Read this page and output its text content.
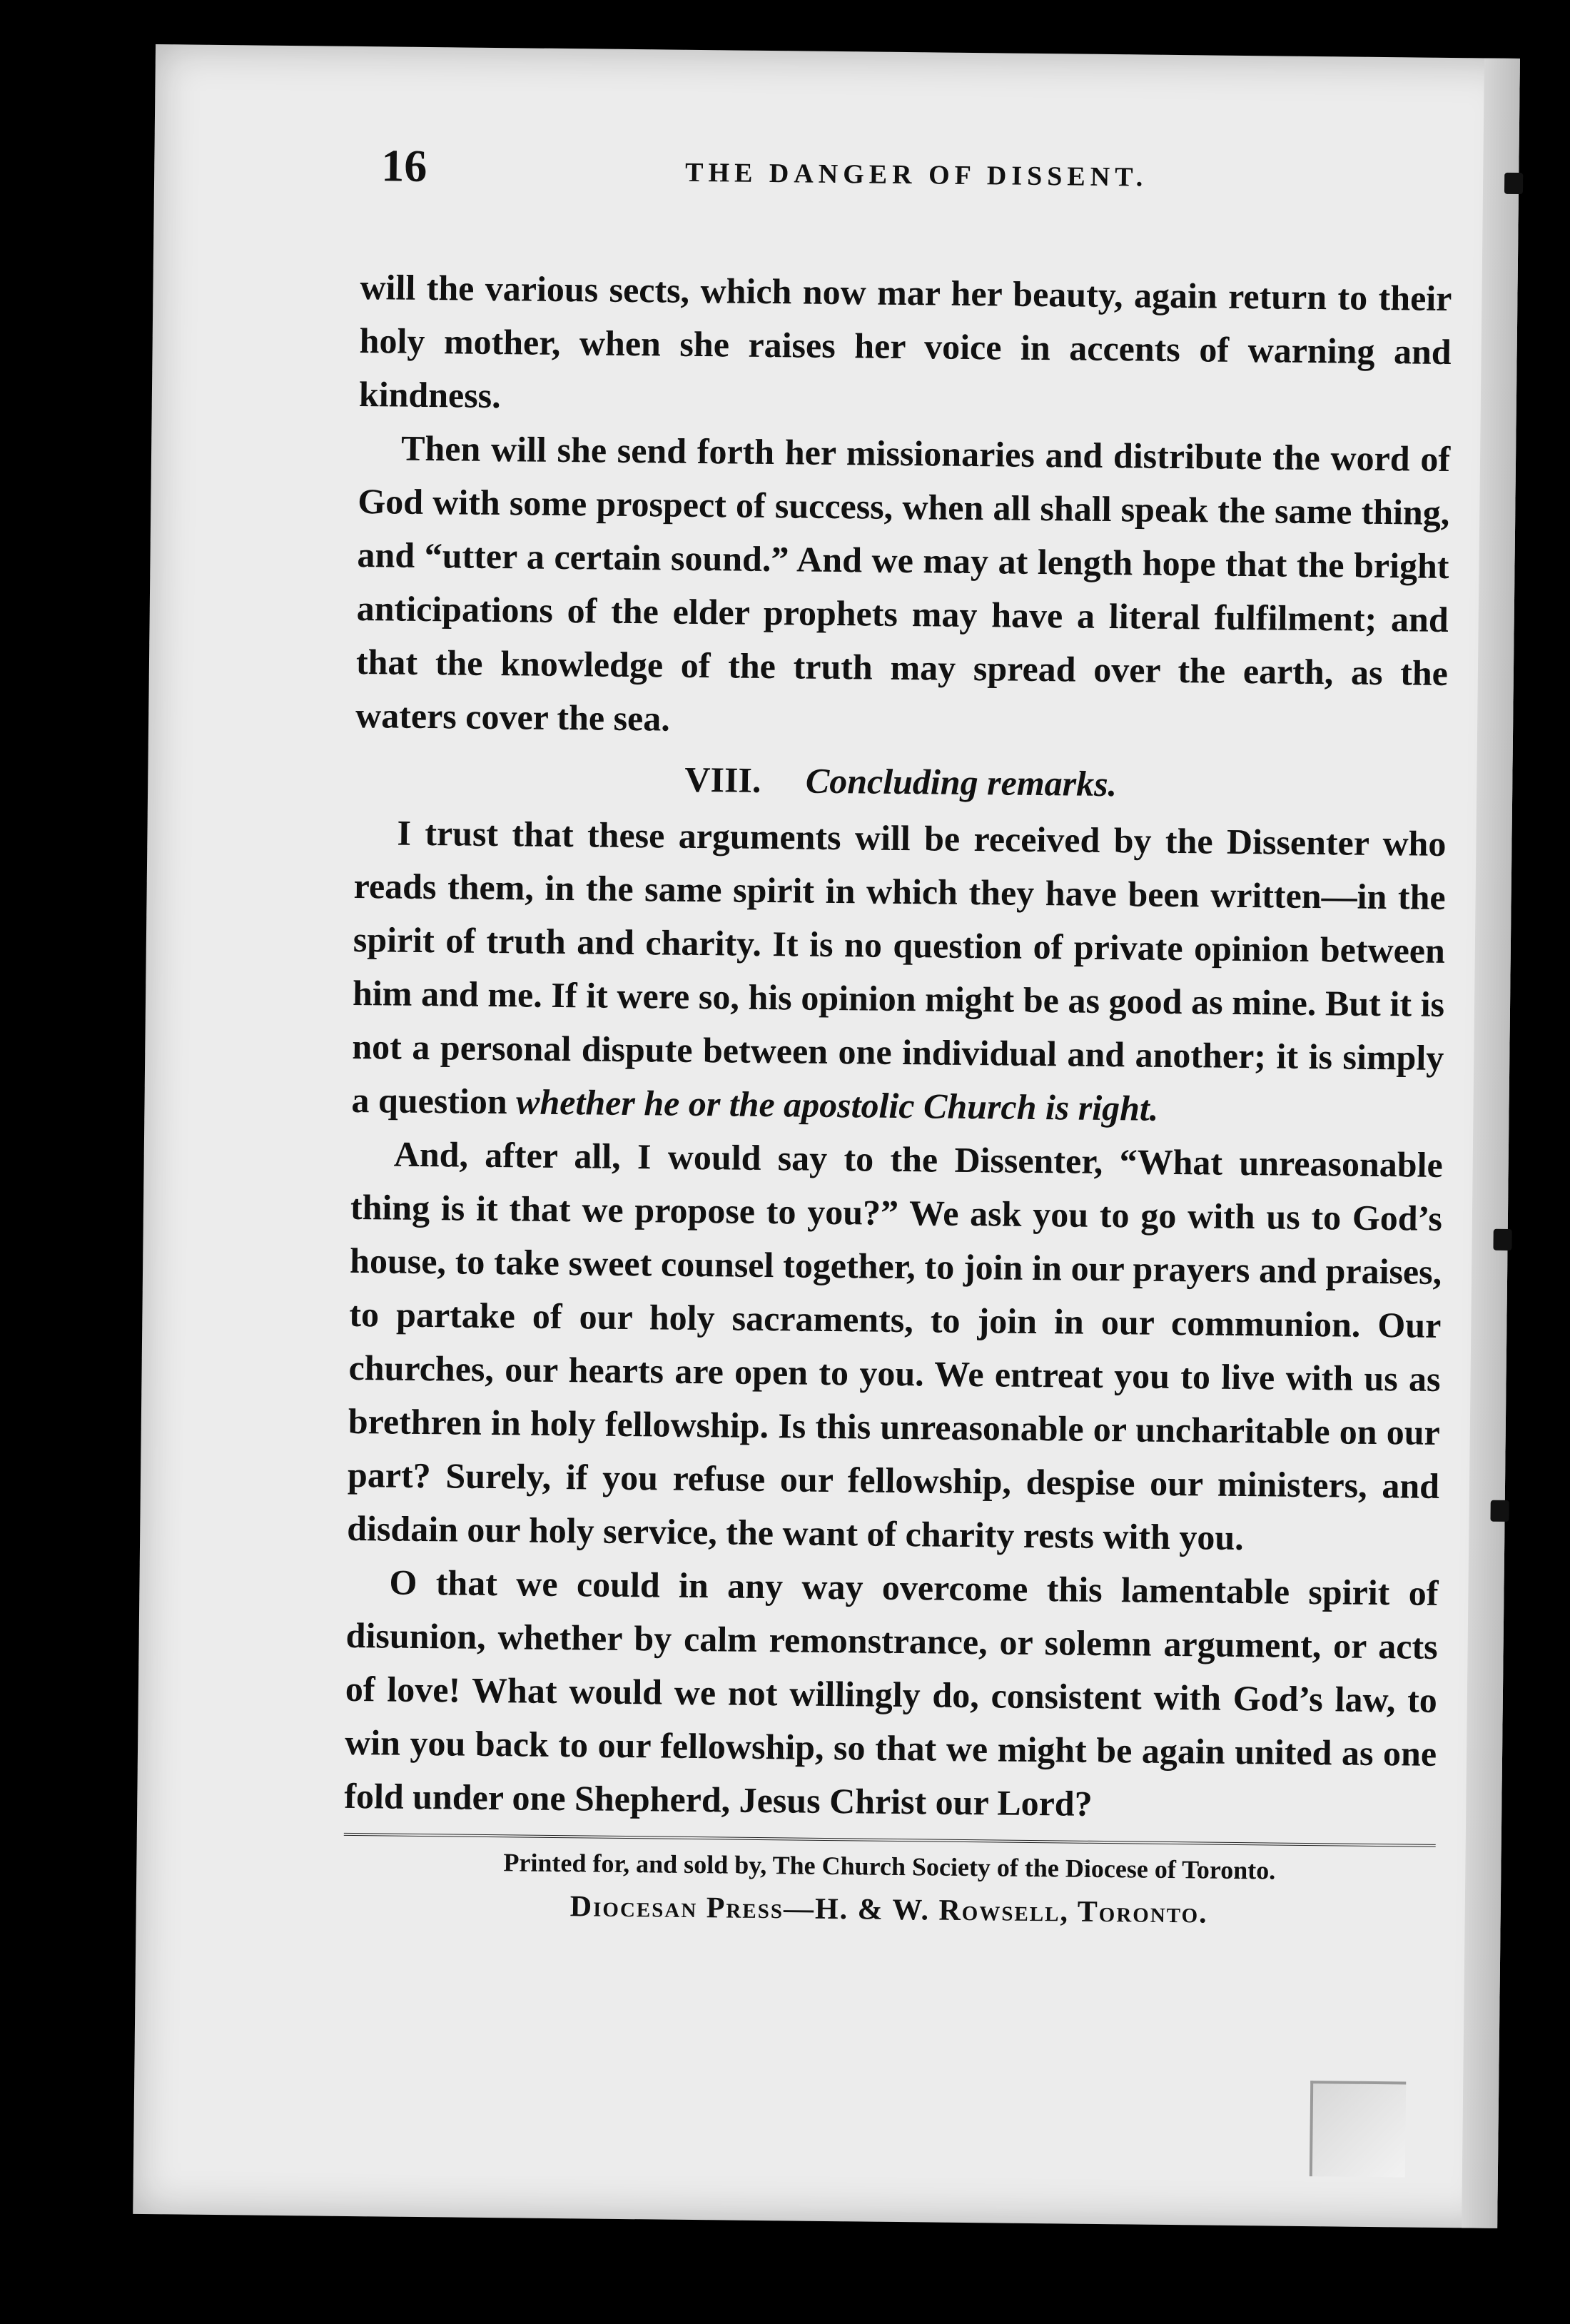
16	THE DANGER OF DISSENT.

will the various sects, which now mar her beauty, again return to their holy mother, when she raises her voice in accents of warning and kindness.

Then will she send forth her missionaries and distribute the word of God with some prospect of success, when all shall speak the same thing, and “utter a certain sound.” And we may at length hope that the bright anticipations of the elder prophets may have a literal fulfilment; and that the knowledge of the truth may spread over the earth, as the waters cover the sea.

VIII. Concluding remarks.

I trust that these arguments will be received by the Dissenter who reads them, in the same spirit in which they have been written—in the spirit of truth and charity. It is no question of private opinion between him and me. If it were so, his opinion might be as good as mine. But it is not a personal dispute between one individual and another; it is simply a question whether he or the apostolic Church is right.

And, after all, I would say to the Dissenter, “What unreasonable thing is it that we propose to you?” We ask you to go with us to God’s house, to take sweet counsel together, to join in our prayers and praises, to partake of our holy sacraments, to join in our communion. Our churches, our hearts are open to you. We entreat you to live with us as brethren in holy fellowship. Is this unreasonable or uncharitable on our part? Surely, if you refuse our fellowship, despise our ministers, and disdain our holy service, the want of charity rests with you.

O that we could in any way overcome this lamentable spirit of disunion, whether by calm remonstrance, or solemn argument, or acts of love! What would we not willingly do, consistent with God’s law, to win you back to our fellowship, so that we might be again united as one fold under one Shepherd, Jesus Christ our Lord?

Printed for, and sold by, The Church Society of the Diocese of Toronto.
Diocesan Press—H. & W. Rowsell, Toronto.
